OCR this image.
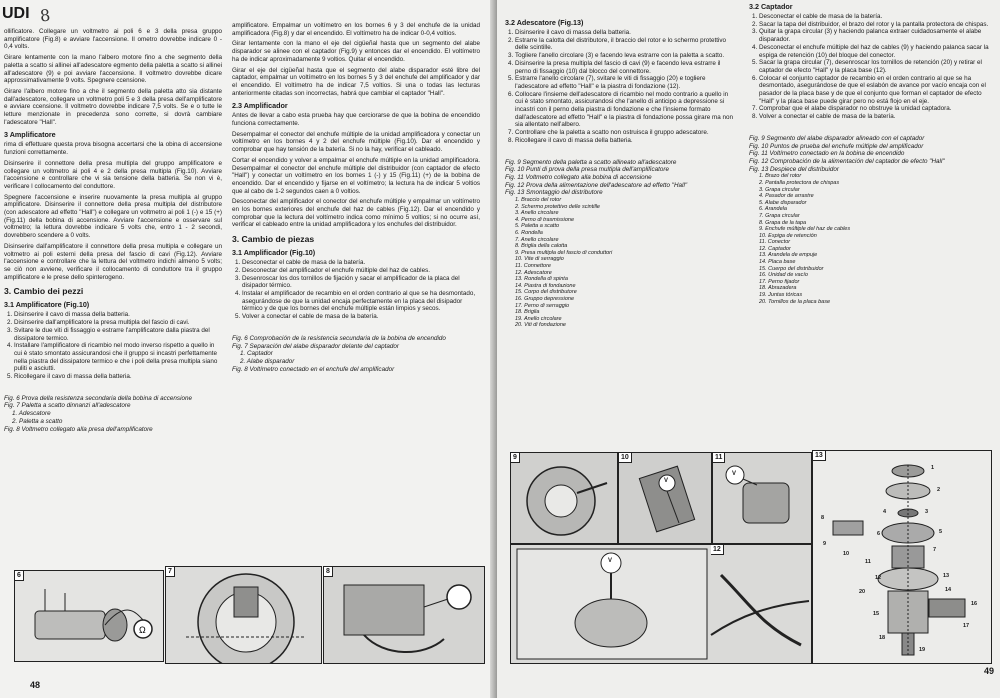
UDI 8

ollificatore. Collegare un voltmetro ai poli 6 e 3 della presa gruppo amplificatore (Fig.8) e avviare l'accensione. Il ometro dovrebbe indicare 0 - 0,4 volts.

Girare lentamente con la mano l'albero motore fino a che segmento della paletta a scatto si allinei all'adescatore egmento della paletta a scatto si allinei all'adescatore (9) e poi avviare l'accensione. Il voltmetro dovrebbe dicare approssimativamente 9 volts. Spegnere ccensione.

Girare l'albero motore fino a che il segmento della paletta atto sia distante dall'adescatore, collegare un voltmetro poli 5 e 3 della presa dell'amplificatore e avviare ccensione. Il voltmetro dovrebbe indicare 7,5 volts. Se e o tutte le letture menzionate in precedenza sono corrette, si dovrà cambiare l'adescatore "Hall".

3 Amplificatore

rima di effettuare questa prova bisogna accertarsi che la obina di accensione funzioni correttamente.

Disinserire il connettore della presa multipla del gruppo amplificatore e collegare un voltmetro ai poli 4 e 2 della presa multipla (Fig.10). Avviare l'accensione e controllare che vi sia tensione della batteria. Se non vi è, verificare l collocamento del conduttore.

Spegnere l'accensione e inserire nuovamente la presa multipla al gruppo amplificatore. Disinserire il connettore della presa multipla del distributore (con adescatore ad effetto "Hall") e collegare un voltmetro ai poli 1 (-) e 15 (+) (Fig.11) della bobina di accensione. Avviare l'accensione e osservare sul voltmetro; la lettura dovrebbe indicare 5 volts che, entro 1 - 2 secondi, dovrebbero scendere a 0 volts.

Disinserire dall'amplificatore il connettore della presa multipla e collegare un voltmetro ai poli esterni della presa del fascio di cavi (Fig.12). Avviare l'accensione e controllare che la lettura del voltmetro indichi almeno 5 volts; se ciò non avviene, verificare il collocamento di conduttore tra il gruppo amplificatore e le prese dello spinterogeno.

3. Cambio dei pezzi
3.1 Amplificatore (Fig.10)
1. Disinserire il cavo di massa della batteria.
2. Disinserire dall'amplificatore la presa multipla del fascio di cavi.
3. Svitare le due viti di fissaggio e estrarre l'amplificatore dalla piastra del dissipatore termico.
4. Installare l'amplificatore di ricambio nel modo inverso rispetto a quello in cui è stato smontato assicurandosi che il gruppo si incastri perfettamente nella piastra del dissipatore termico e che i poli della presa multipla siano puliti e asciutti.
5. Ricollegare il cavo di massa della batteria.
Fig. 6 Prova della resistenza secondaria della bobina di accensione
Fig. 7 Paletta a scatto dinnanzi all'adescatore
1. Adescatore
2. Paletta a scatto
Fig. 8 Voltmetro collegato alla presa dell'amplificatore

amplificatore. Empalmar un voltímetro en los bornes 6 y 3 del enchufe de la unidad amplificadora (Fig.8) y dar el encendido. El voltímetro ha de indicar 0-0,4 voltios.

Girar lentamente con la mano el eje del cigüeñal hasta que un segmento del alabe disparador se alinee con el captador (Fig.9) y entonces dar el encendido. El voltímetro ha de indicar aproximadamente 9 voltios. Quitar el encendido.

Girar el eje del cigüeñal hasta que el segmento del alabe disparador esté libre del captador, empalmar un voltímetro en los bornes 5 y 3 del enchufe del amplificador y dar el encendido. El voltímetro ha de indicar 7,5 voltios. Si una o todas las lecturas anteriormente citadas son incorrectas, habrá que cambiar el captador "Hall".

2.3 Amplificador

Antes de llevar a cabo esta prueba hay que cerciorarse de que la bobina de encendido funciona correctamente.

Desempalmar el conector del enchufe múltiple de la unidad amplificadora y conectar un voltímetro en los bornes 4 y 2 del enchufe múltiple (Fig.10). Dar el encendido y comprobar que hay tensión de la batería. Si no la hay, verificar el cableado.

Cortar el encendido y volver a empalmar el enchufe múltiple en la unidad amplificadora. Desempalmar el conector del enchufe múltiple del distribuidor (con captador de efecto "Hall") y conectar un voltímetro en los bornes 1 (-) y 15 (Fig.11) (+) de la bobina de encendido. Dar el encendido y fijarse en el voltímetro; la lectura ha de indicar 5 voltios que al cabo de 1-2 segundos caen a 0 voltios.

Desconectar del amplificador el conector del enchufe múltiple y empalmar un voltímetro en los bornes exteriores del enchufe del haz de cables (Fig.12). Dar el encendido y comprobar que la lectura del voltímetro indica como mínimo 5 voltios; si no ocurre así, verificar el cableado entre la unidad amplificadora y los enchufes del distribuidor.

3. Cambio de piezas
3.1 Amplificador (Fig.10)
1. Desconectar el cable de masa de la batería.
2. Desconectar del amplificador el enchufe múltiple del haz de cables.
3. Desenroscar los dos tornillos de fijación y sacar el amplificador de la placa del disipador térmico.
4. Instalar el amplificador de recambio en el orden contrario al que se ha desmontado, asegurándose de que la unidad encaja perfectamente en la placa del disipador térmico y de que los bornes del enchufe múltiple están limpios y secos.
5. Volver a conectar el cable de masa de la batería.
Fig. 6 Comprobación de la resistencia secundaria de la bobina de encendido
Fig. 7 Separación del alabe disparador delante del captador
1. Captador
2. Alabe disparador
Fig. 8 Voltímetro conectado en el enchufe del amplificador
6
Ω
7	8
48
3.2 Adescatore (Fig.13)
1. Disinserire il cavo di massa della batteria.
2. Estrarre la calotta del distributore, il braccio del rotor e lo schermo protettivo delle scintille.
3. Togliere l'anello circolare (3) e facendo leva estrarre con la paletta a scatto.
4. Disinserire la presa multipla del fascio di cavi (9) e facendo leva estrarre il perno di fissaggio (10) dal blocco del connettore.
5. Estrarre l'anello circolare (7), svitare le viti di fissaggio (20) e togliere l'adescatore ad effetto "Hall" e la piastra di fondazione (12).
6. Collocare l'insieme dell'adescatore di ricambio nel modo contrario a quello in cui è stato smontato, assicurandosi che l'anello di anticipo a depressione si incastri con il perno della piastra di fondazione e che l'insieme formato dall'adescatore ad effetto "Hall" e la piastra di fondazione possa girare ma non sia allentato nell'albero.
7. Controllare che la paletta a scatto non ostruisca il gruppo adescatore.
8. Ricollegare il cavo di massa della batteria.
Fig. 9 Segmento della paletta a scatto allineato all'adescatore
Fig. 10 Punti di prova della presa multipla dell'amplificatore
Fig. 11 Voltmetro collegato alla bobina di accensione
Fig. 12 Prova della alimentazione dell'adescatore ad effetto "Hall"
Fig. 13 Smontaggio del distributore
1. Braccio del rotor
2. Schermo protettivo delle scintille
3. Anello circolare
4. Perno di trasmissione
5. Paletta a scatto
6. Rondella
7. Anello circolare
8. Briglia della calotta
9. Presa multipla del fascio di conduttori
10. Vite di serraggio
11. Connettore
12. Adescatore
13. Rondella di spinta
14. Piastra di fondazione
15. Corpo del distributore
16. Gruppo depressione
17. Perno di serraggio
18. Briglia
19. Anello circolare
20. Viti di fondazione
3.2 Captador
1. Desconectar el cable de masa de la batería.
2. Sacar la tapa del distribuidor, el brazo del rotor y la pantalla protectora de chispas.
3. Quitar la grapa circular (3) y haciendo palanca extraer cuidadosamente el alabe disparador.
4. Desconectar el enchufe múltiple del haz de cables (9) y haciendo palanca sacar la espiga de retención (10) del bloque del conector.
5. Sacar la grapa circular (7), desenroscar los tornillos de retención (20) y retirar el captador de efecto "Hall" y la placa base (12).
6. Colocar el conjunto captador de recambio en el orden contrario al que se ha desmontado, asegurándose de que el eslabón de avance por vacío encaja con el pasador de la placa base y de que el conjunto que forman el captador de efecto "Hall" y la placa base puede girar pero no está flojo en el eje.
7. Comprobar que el alabe disparador no obstruye la unidad captadora.
8. Volver a conectar el cable de masa de la batería.
Fig. 9 Segmento del alabe disparador alineado con el captador
Fig. 10 Puntos de prueba del enchufe múltiple del amplificador
Fig. 11 Voltímetro conectado en la bobina de encendido
Fig. 12 Comprobación de la alimentación del captador de efecto "Hall"
Fig. 13 Despiece del distribuidor
1. Brazo del rotor
2. Pantalla protectora de chispas
3. Grapa circular
4. Pasador de arrastre
5. Alabe disparador
6. Arandela
7. Grapa circular
8. Grapa de la tapa
9. Enchufe múltiple del haz de cables
10. Espiga de retención
11. Conector
12. Captador
13. Arandela de empuje
14. Placa base
15. Cuerpo del distribuidor
16. Unidad de vacío
17. Perno fijador
18. Abrazadera
19. Juntas tóricas
20. Tornillos de la placa base
9	10
V
11
V
12
V
13
1
2
3
4
5
6
7
8
9
10
11
12	13
14
15
16
17
18
19
20
49
